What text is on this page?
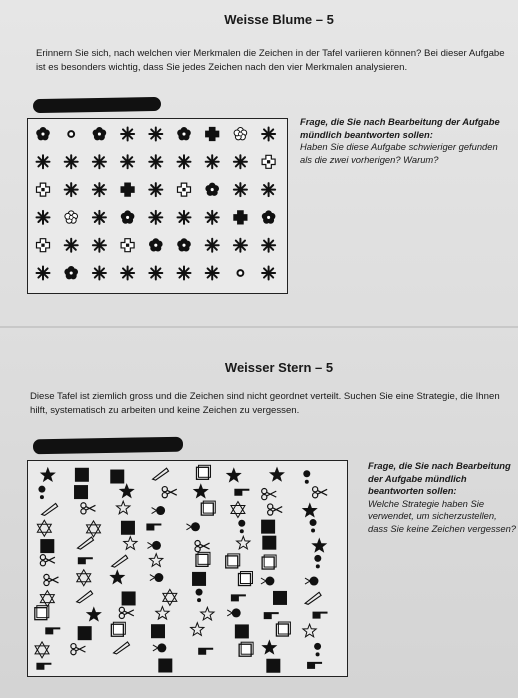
Weisse Blume – 5
Erinnern Sie sich, nach welchen vier Merkmalen die Zeichen in der Tafel variieren können? Bei dieser Aufgabe ist es besonders wichtig, dass Sie jedes Zeichen nach den vier Merkmalen analysieren.
Frage, die Sie nach Bearbeitung der Aufgabe mündlich beantworten sollen:
Haben Sie diese Aufgabe schwieriger gefunden als die zwei vorherigen? Warum?
Weisser Stern – 5
Diese Tafel ist ziemlich gross und die Zeichen sind nicht geordnet verteilt. Suchen Sie eine Strategie, die Ihnen hilft, systematisch zu arbeiten und keine Zeichen zu vergessen.
Frage, die Sie nach Bearbeitung der Aufgabe mündlich beantworten sollen:
Welche Strategie haben Sie verwendet, um sicherzustellen, dass Sie keine Zeichen vergessen?
